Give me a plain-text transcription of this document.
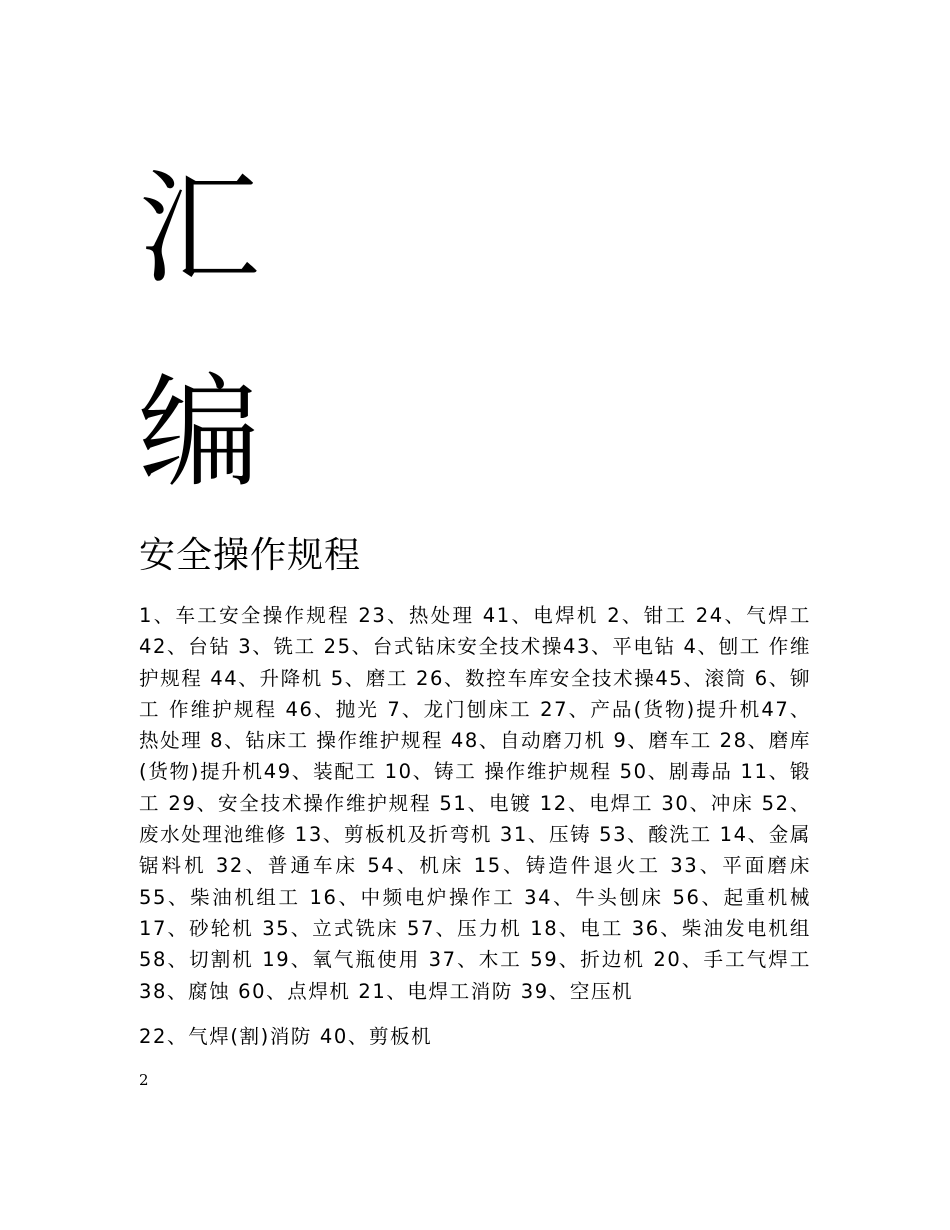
汇
编
安全操作规程

1、车工安全操作规程 23、热处理 41、电焊机 2、钳工 24、气焊工 42、台钻 3、铣工 25、台式钻床安全技术操43、平电钻 4、刨工 作维护规程 44、升降机 5、磨工 26、数控车库安全技术操45、滚筒 6、铆工 作维护规程 46、抛光 7、龙门刨床工 27、产品(货物)提升机47、热处理 8、钻床工 操作维护规程 48、自动磨刀机 9、磨车工 28、磨库(货物)提升机49、装配工 10、铸工 操作维护规程 50、剧毒品 11、锻工 29、安全技术操作维护规程 51、电镀 12、电焊工 30、冲床 52、废水处理池维修 13、剪板机及折弯机 31、压铸 53、酸洗工 14、金属锯料机 32、普通车床 54、机床 15、铸造件退火工 33、平面磨床 55、柴油机组工 16、中频电炉操作工 34、牛头刨床 56、起重机械 17、砂轮机 35、立式铣床 57、压力机 18、电工 36、柴油发电机组 58、切割机 19、氧气瓶使用 37、木工 59、折边机 20、手工气焊工 38、腐蚀 60、点焊机 21、电焊工消防 39、空压机

22、气焊(割)消防 40、剪板机

2
